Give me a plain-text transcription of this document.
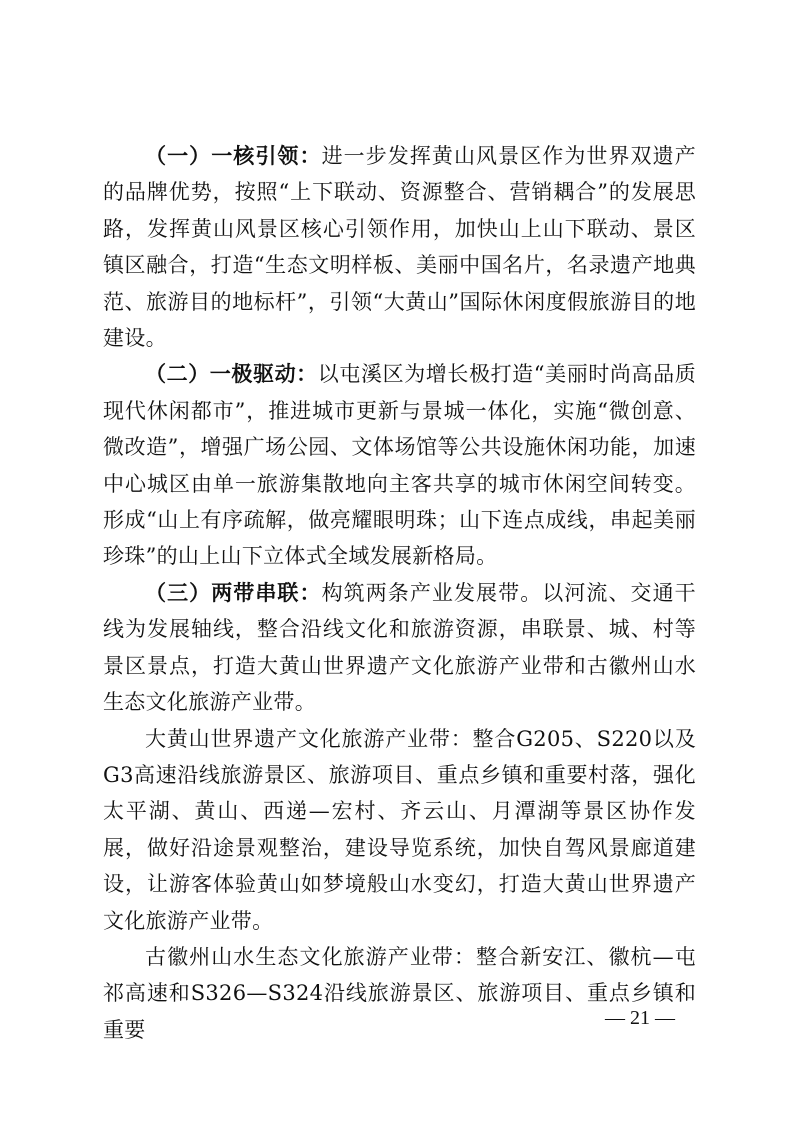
（一）一核引领：进一步发挥黄山风景区作为世界双遗产的品牌优势，按照“上下联动、资源整合、营销耦合”的发展思路，发挥黄山风景区核心引领作用，加快山上山下联动、景区镇区融合，打造“生态文明样板、美丽中国名片，名录遗产地典范、旅游目的地标杆”，引领“大黄山”国际休闲度假旅游目的地建设。

（二）一极驱动：以屯溪区为增长极打造“美丽时尚高品质现代休闲都市”，推进城市更新与景城一体化，实施“微创意、微改造”，增强广场公园、文体场馆等公共设施休闲功能，加速中心城区由单一旅游集散地向主客共享的城市休闲空间转变。形成“山上有序疏解，做亮耀眼明珠；山下连点成线，串起美丽珍珠”的山上山下立体式全域发展新格局。

（三）两带串联：构筑两条产业发展带。以河流、交通干线为发展轴线，整合沿线文化和旅游资源，串联景、城、村等景区景点，打造大黄山世界遗产文化旅游产业带和古徽州山水生态文化旅游产业带。

大黄山世界遗产文化旅游产业带：整合G205、S220以及G3高速沿线旅游景区、旅游项目、重点乡镇和重要村落，强化太平湖、黄山、西递—宏村、齐云山、月潭湖等景区协作发展，做好沿途景观整治，建设导览系统，加快自驾风景廊道建设，让游客体验黄山如梦境般山水变幻，打造大黄山世界遗产文化旅游产业带。

古徽州山水生态文化旅游产业带：整合新安江、徽杭—屯祁高速和S326—S324沿线旅游景区、旅游项目、重点乡镇和重要	— 21 —
